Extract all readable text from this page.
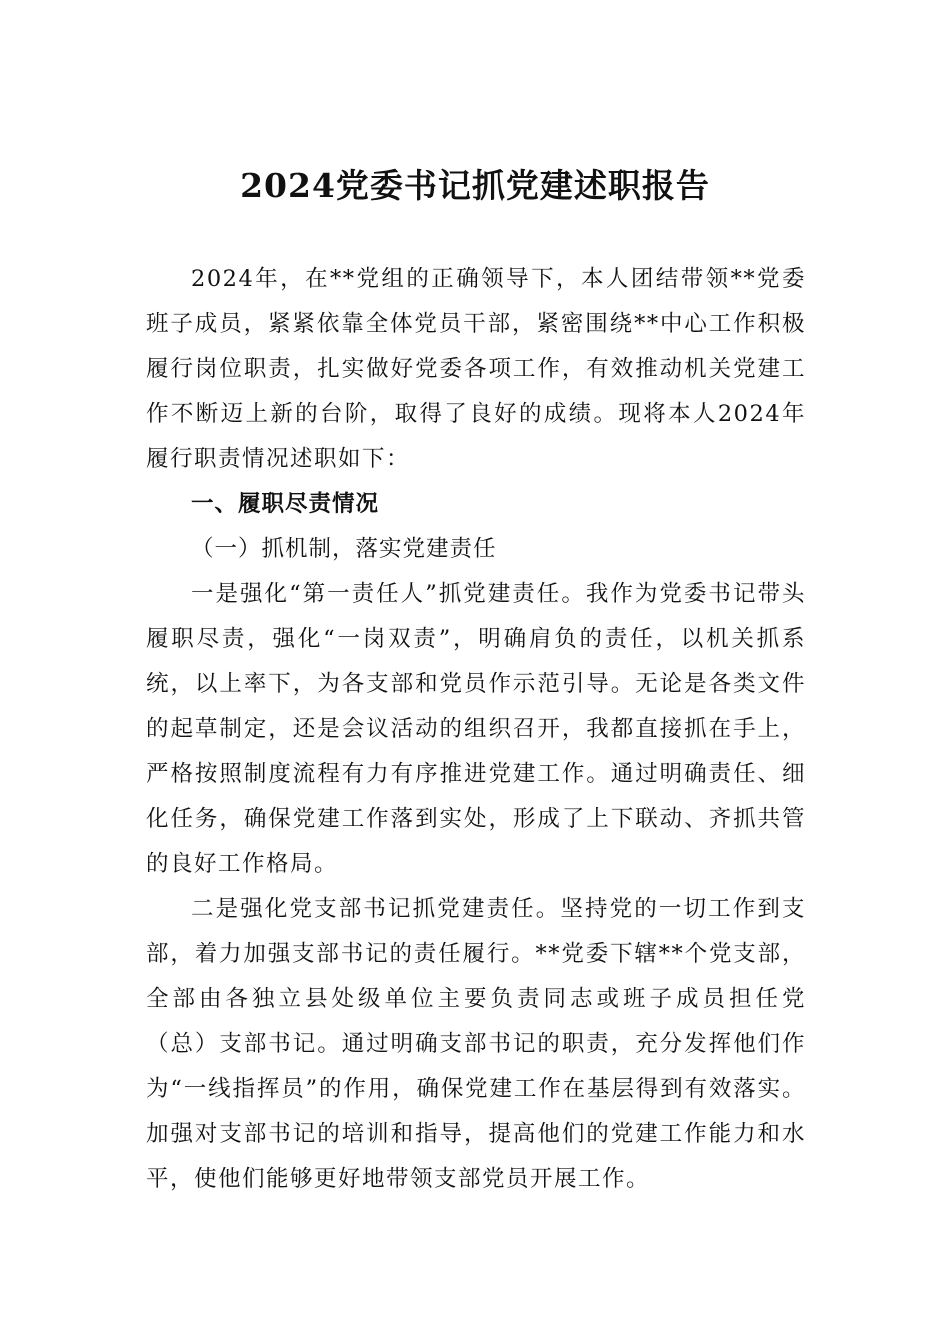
2024党委书记抓党建述职报告

2024年，在**党组的正确领导下，本人团结带领**党委班子成员，紧紧依靠全体党员干部，紧密围绕**中心工作积极履行岗位职责，扎实做好党委各项工作，有效推动机关党建工作不断迈上新的台阶，取得了良好的成绩。现将本人2024年履行职责情况述职如下：

一、履职尽责情况

（一）抓机制，落实党建责任

一是强化“第一责任人”抓党建责任。我作为党委书记带头履职尽责，强化“一岗双责”，明确肩负的责任，以机关抓系统，以上率下，为各支部和党员作示范引导。无论是各类文件的起草制定，还是会议活动的组织召开，我都直接抓在手上，严格按照制度流程有力有序推进党建工作。通过明确责任、细化任务，确保党建工作落到实处，形成了上下联动、齐抓共管的良好工作格局。

二是强化党支部书记抓党建责任。坚持党的一切工作到支部，着力加强支部书记的责任履行。**党委下辖**个党支部，全部由各独立县处级单位主要负责同志或班子成员担任党（总）支部书记。通过明确支部书记的职责，充分发挥他们作为“一线指挥员”的作用，确保党建工作在基层得到有效落实。加强对支部书记的培训和指导，提高他们的党建工作能力和水平，使他们能够更好地带领支部党员开展工作。
